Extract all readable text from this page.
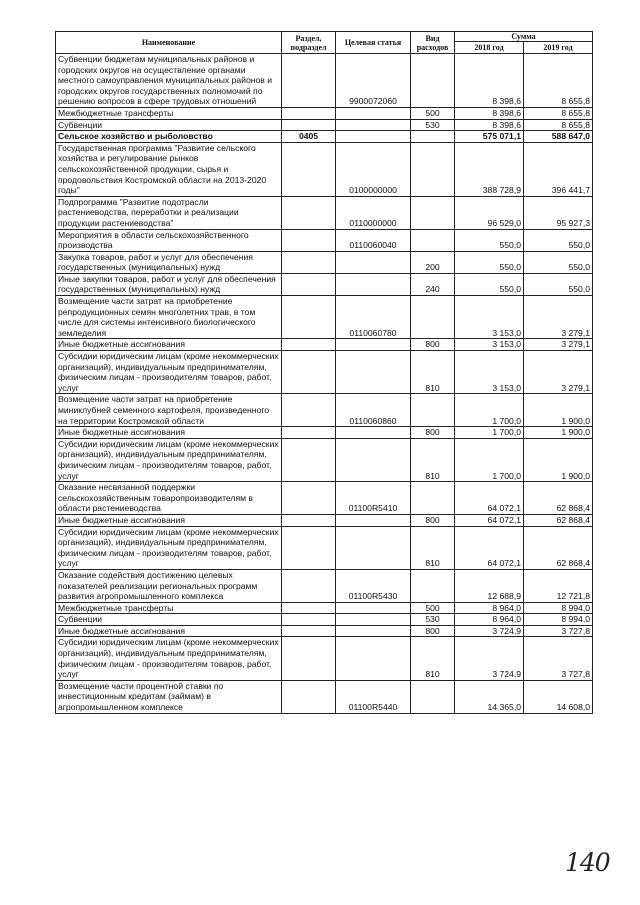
Наименование	Раздел, подраздел	Целевая статья	Вид расходов	Сумма	
				2018 год	2019 год
Субвенции бюджетам муниципальных районов и городских округов на осуществление органами местного самоуправления муниципальных районов и городских округов государственных полномочий по решению вопросов в сфере трудовых отношений		9900072060		8 398,6	8 655,8
Межбюджетные трансферты			500	8 398,6	8 655,8
Субвенции			530	8 398,6	8 655,8
Сельское хозяйство и рыболовство	0405			575 071,1	588 647,0
Государственная программа "Развитие сельского хозяйства и регулирование рынков сельскохозяйственной продукции, сырья и продовольствия Костромской области на 2013-2020 годы"		0100000000		388 728,9	396 441,7
Подпрограмма "Развитие подотрасли растениеводства, переработки и реализации продукции растениеводства"		0110000000		96 529,0	95 927,3
Мероприятия в области сельскохозяйственного производства		0110060040		550,0	550,0
Закупка товаров, работ и услуг для обеспечения государственных (муниципальных) нужд			200	550,0	550,0
Иные закупки товаров, работ и услуг для обеспечения государственных (муниципальных) нужд			240	550,0	550,0
Возмещение части затрат на приобретение репродукционных семян многолетних трав, в том числе для системы интенсивного биологического земледелия		0110060780		3 153,0	3 279,1
Иные бюджетные ассигнования			800	3 153,0	3 279,1
Субсидии юридическим лицам (кроме некоммерческих организаций), индивидуальным предпринимателям, физическим лицам - производителям товаров, работ, услуг			810	3 153,0	3 279,1
Возмещение части затрат на приобретение миниклубней семенного картофеля, произведенного на территории Костромской области		0110060860		1 700,0	1 900,0
Иные бюджетные ассигнования			800	1 700,0	1 900,0
Субсидии юридическим лицам (кроме некоммерческих организаций), индивидуальным предпринимателям, физическим лицам - производителям товаров, работ, услуг			810	1 700,0	1 900,0
Оказание несвязанной поддержки сельскохозяйственным товаропроизводителям в области растениеводства		01100R5410		64 072,1	62 868,4
Иные бюджетные ассигнования			800	64 072,1	62 868,4
Субсидии юридическим лицам (кроме некоммерческих организаций), индивидуальным предпринимателям, физическим лицам - производителям товаров, работ, услуг			810	64 072,1	62 868,4
Оказание содействия достижению целевых показателей реализации региональных программ развития агропромышленного комплекса		01100R5430		12 688,9	12 721,8
Межбюджетные трансферты			500	8 964,0	8 994,0
Субвенции			530	8 964,0	8 994,0
Иные бюджетные ассигнования			800	3 724,9	3 727,8
Субсидии юридическим лицам (кроме некоммерческих организаций), индивидуальным предпринимателям, физическим лицам - производителям товаров, работ, услуг			810	3 724,9	3 727,8
Возмещение части процентной ставки по инвестиционным кредитам (займам) в агропромышленном комплексе		01100R5440		14 365,0	14 608,0
140
